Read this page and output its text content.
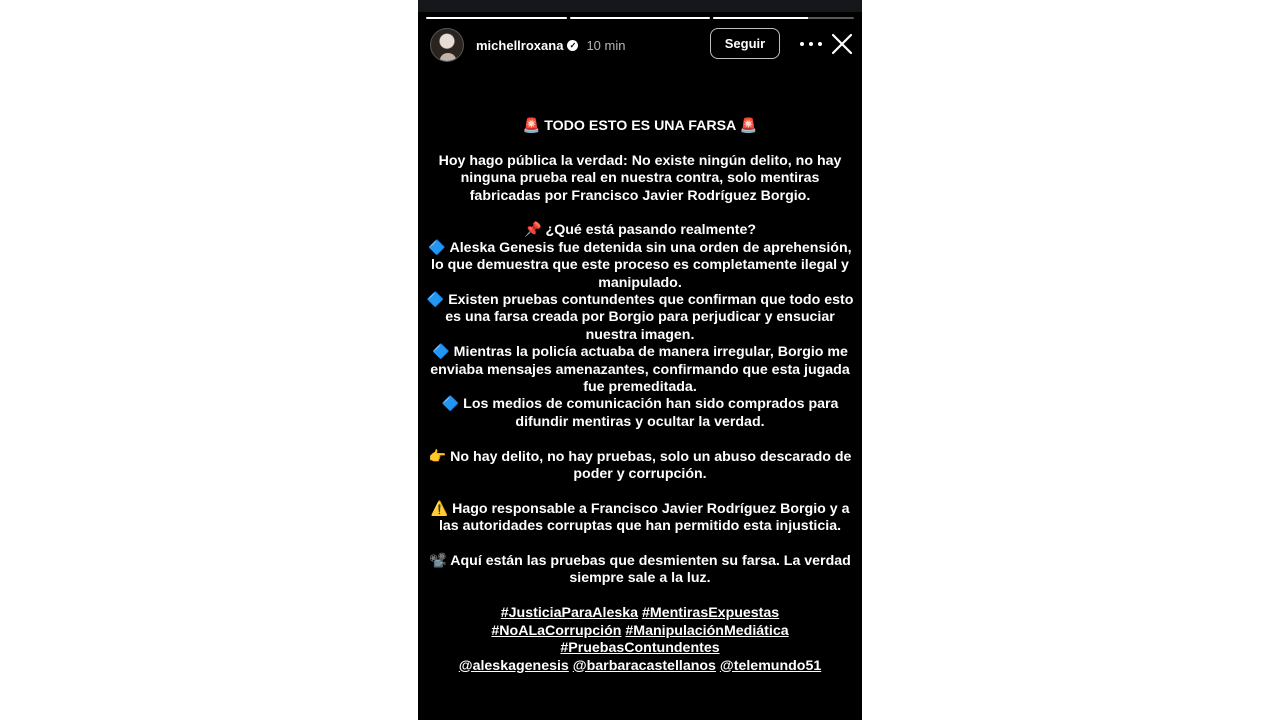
michellroxana ✓ 10 min	Seguir

🚨 TODO ESTO ES UNA FARSA 🚨

Hoy hago pública la verdad: No existe ningún delito, no hay ninguna prueba real en nuestra contra, solo mentiras fabricadas por Francisco Javier Rodríguez Borgio.

📌 ¿Qué está pasando realmente?

🔷 Aleska Genesis fue detenida sin una orden de aprehensión, lo que demuestra que este proceso es completamente ilegal y manipulado.

🔷 Existen pruebas contundentes que confirman que todo esto es una farsa creada por Borgio para perjudicar y ensuciar nuestra imagen.

🔷 Mientras la policía actuaba de manera irregular, Borgio me enviaba mensajes amenazantes, confirmando que esta jugada fue premeditada.

🔷 Los medios de comunicación han sido comprados para difundir mentiras y ocultar la verdad.

👉 No hay delito, no hay pruebas, solo un abuso descarado de poder y corrupción.

⚠️ Hago responsable a Francisco Javier Rodríguez Borgio y a las autoridades corruptas que han permitido esta injusticia.

📽️ Aquí están las pruebas que desmienten su farsa. La verdad siempre sale a la luz.

#JusticiaParaAleska #MentirasExpuestas
#NoALaCorrupción #ManipulaciónMediática
#PruebasContundentes

@aleskagenesis @barbaracastellanos @telemundo51
